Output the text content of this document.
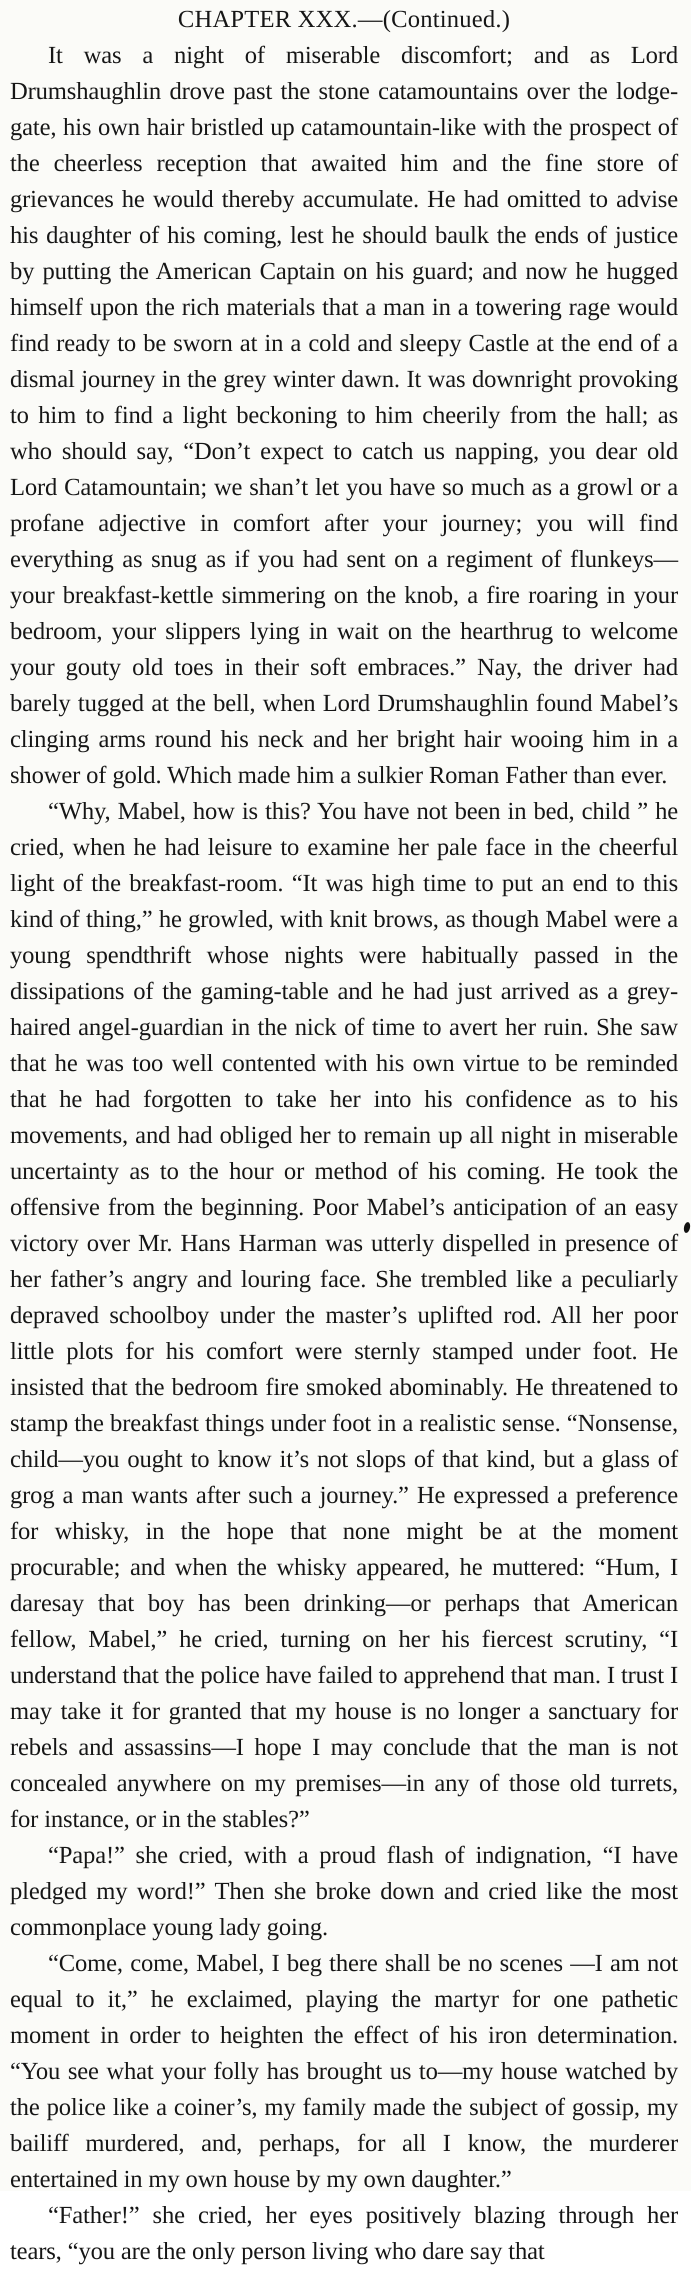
CHAPTER XXX.—(Continued.)

It was a night of miserable discomfort; and as Lord Drumshaughlin drove past the stone catamountains over the lodge-gate, his own hair bristled up catamountain-like with the prospect of the cheerless reception that awaited him and the fine store of grievances he would thereby accumulate. He had omitted to advise his daughter of his coming, lest he should baulk the ends of justice by putting the American Captain on his guard; and now he hugged himself upon the rich materials that a man in a towering rage would find ready to be sworn at in a cold and sleepy Castle at the end of a dismal journey in the grey winter dawn. It was downright provoking to him to find a light beckoning to him cheerily from the hall; as who should say, “Don’t expect to catch us napping, you dear old Lord Catamountain; we shan’t let you have so much as a growl or a profane adjective in comfort after your journey; you will find everything as snug as if you had sent on a regiment of flunkeys—your breakfast-kettle simmering on the knob, a fire roaring in your bedroom, your slippers lying in wait on the hearthrug to welcome your gouty old toes in their soft embraces.” Nay, the driver had barely tugged at the bell, when Lord Drumshaughlin found Mabel’s clinging arms round his neck and her bright hair wooing him in a shower of gold. Which made him a sulkier Roman Father than ever.

“Why, Mabel, how is this? You have not been in bed, child ” he cried, when he had leisure to examine her pale face in the cheerful light of the breakfast-room. “It was high time to put an end to this kind of thing,” he growled, with knit brows, as though Mabel were a young spendthrift whose nights were habitually passed in the dissipations of the gaming-table and he had just arrived as a grey-haired angel-guardian in the nick of time to avert her ruin. She saw that he was too well contented with his own virtue to be reminded that he had forgotten to take her into his confidence as to his movements, and had obliged her to remain up all night in miserable uncertainty as to the hour or method of his coming. He took the offensive from the beginning. Poor Mabel’s anticipation of an easy victory over Mr. Hans Harman was utterly dispelled in presence of her father’s angry and louring face. She trembled like a peculiarly depraved schoolboy under the master’s uplifted rod. All her poor little plots for his comfort were sternly stamped under foot. He insisted that the bedroom fire smoked abominably. He threatened to stamp the breakfast things under foot in a realistic sense. “Nonsense, child—you ought to know it’s not slops of that kind, but a glass of grog a man wants after such a journey.” He expressed a preference for whisky, in the hope that none might be at the moment procurable; and when the whisky appeared, he muttered: “Hum, I daresay that boy has been drinking—or perhaps that American fellow, Mabel,” he cried, turning on her his fiercest scrutiny, “I understand that the police have failed to apprehend that man. I trust I may take it for granted that my house is no longer a sanctuary for rebels and assassins—I hope I may conclude that the man is not concealed anywhere on my premises—in any of those old turrets, for instance, or in the stables?”

“Papa!” she cried, with a proud flash of indignation, “I have pledged my word!” Then she broke down and cried like the most commonplace young lady going.

“Come, come, Mabel, I beg there shall be no scenes —I am not equal to it,” he exclaimed, playing the martyr for one pathetic moment in order to heighten the effect of his iron determination. “You see what your folly has brought us to—my house watched by the police like a coiner’s, my family made the subject of gossip, my bailiff murdered, and, perhaps, for all I know, the murderer entertained in my own house by my own daughter.”

“Father!” she cried, her eyes positively blazing through her tears, “you are the only person living who dare say that
